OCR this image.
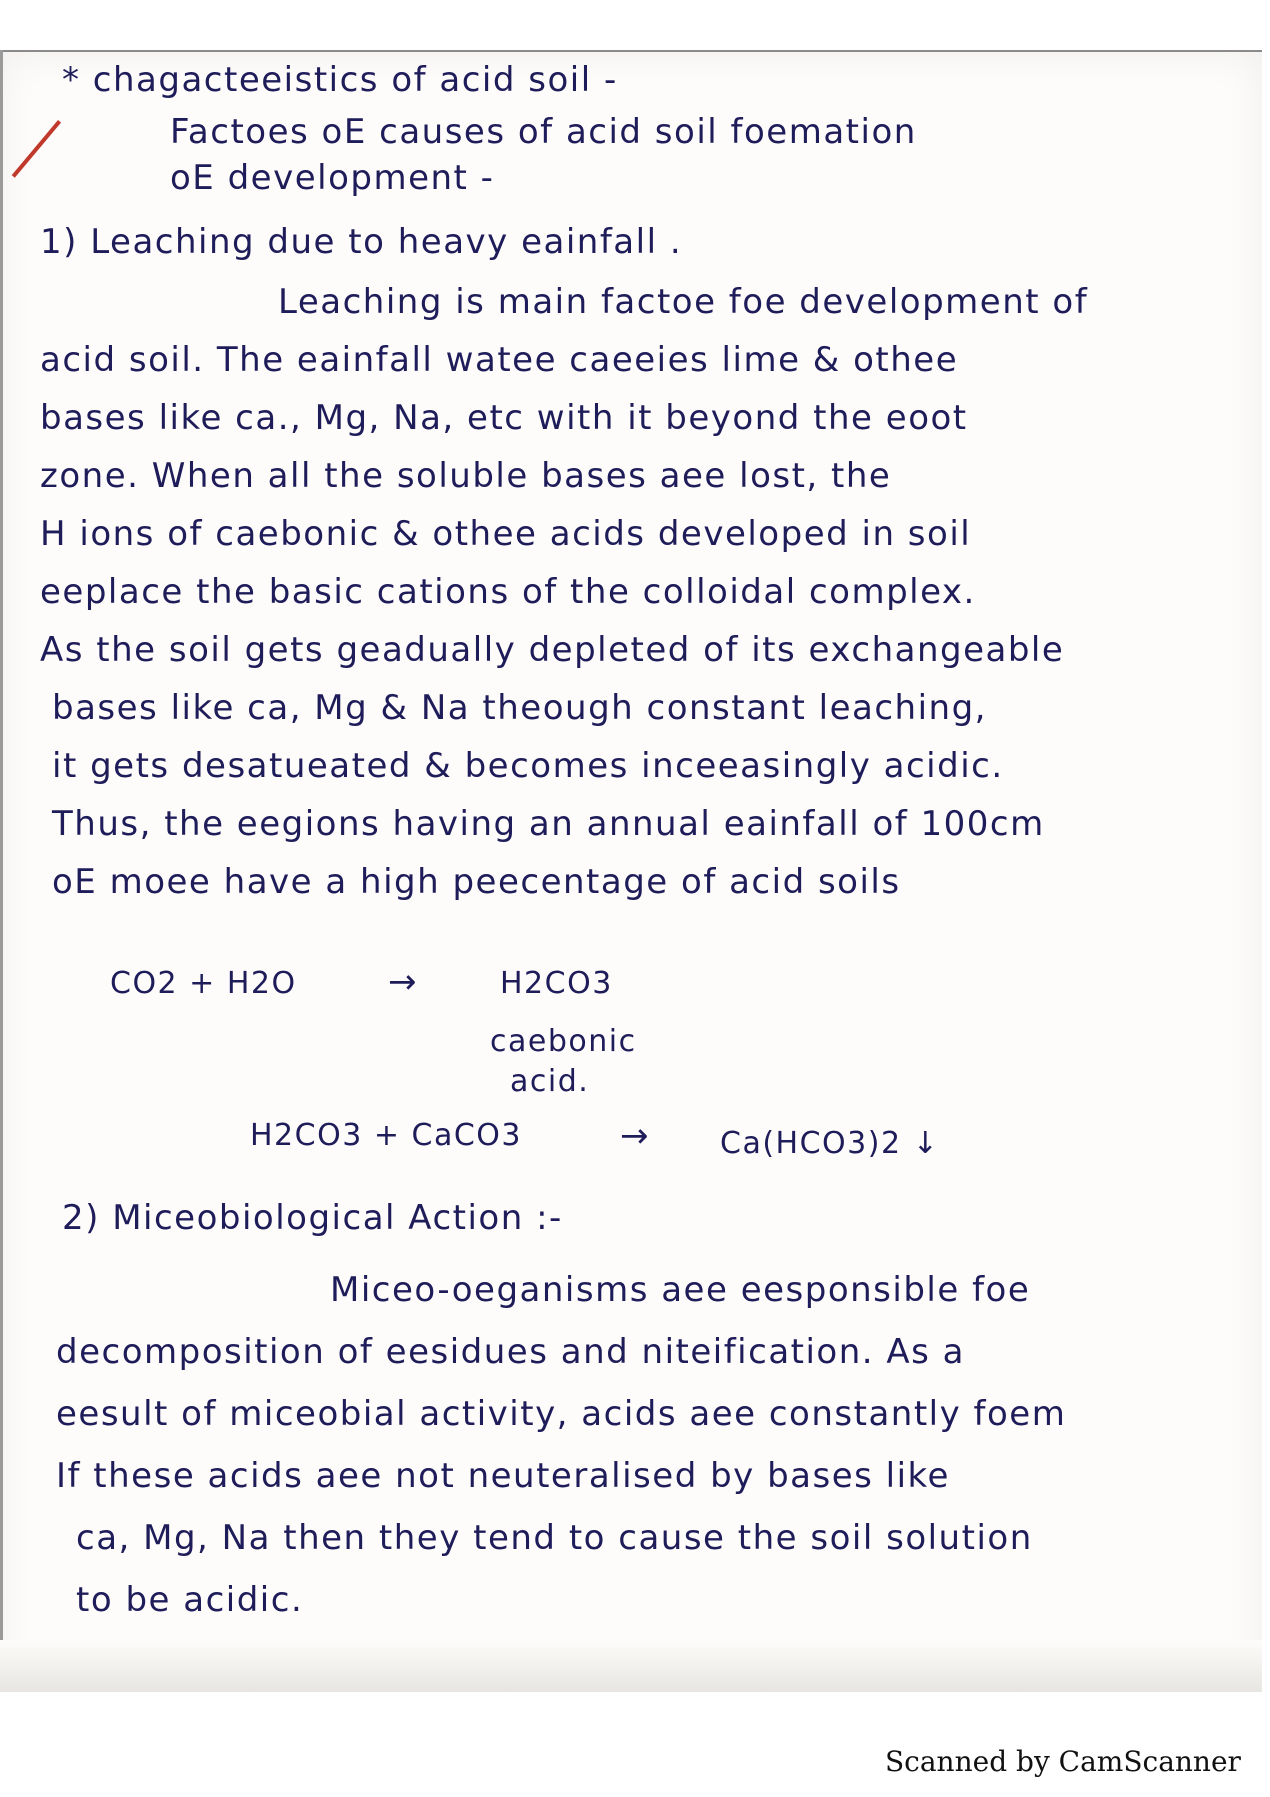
* chagacteeistics of acid soil -
Factoes oE causes of acid soil foemation
oE development -
1) Leaching due to heavy eainfall .
Leaching is main factoe foe development of
acid soil. The eainfall watee caeeies lime & othee
bases like ca., Mg, Na, etc with it beyond the eoot
zone. When all the soluble bases aee lost, the
H ions of caebonic & othee acids developed in soil
eeplace the basic cations of the colloidal complex.
As the soil gets geadually depleted of its exchangeable
bases like ca, Mg & Na theough constant leaching,
it gets desatueated & becomes inceeasingly acidic.
Thus, the eegions having an annual eainfall of 100cm
oE moee have a high peecentage of acid soils
CO2 + H2O	→	H2CO3
caebonic
acid.
H2CO3 + CaCO3	→ Ca(HCO3)2 ↓
2) Miceobiological Action :-
Miceo-oeganisms aee eesponsible foe
decomposition of eesidues and niteification. As a
eesult of miceobial activity, acids aee constantly foem
If these acids aee not neuteralised by bases like
ca, Mg, Na then they tend to cause the soil solution
to be acidic.
Scanned by CamScanner
